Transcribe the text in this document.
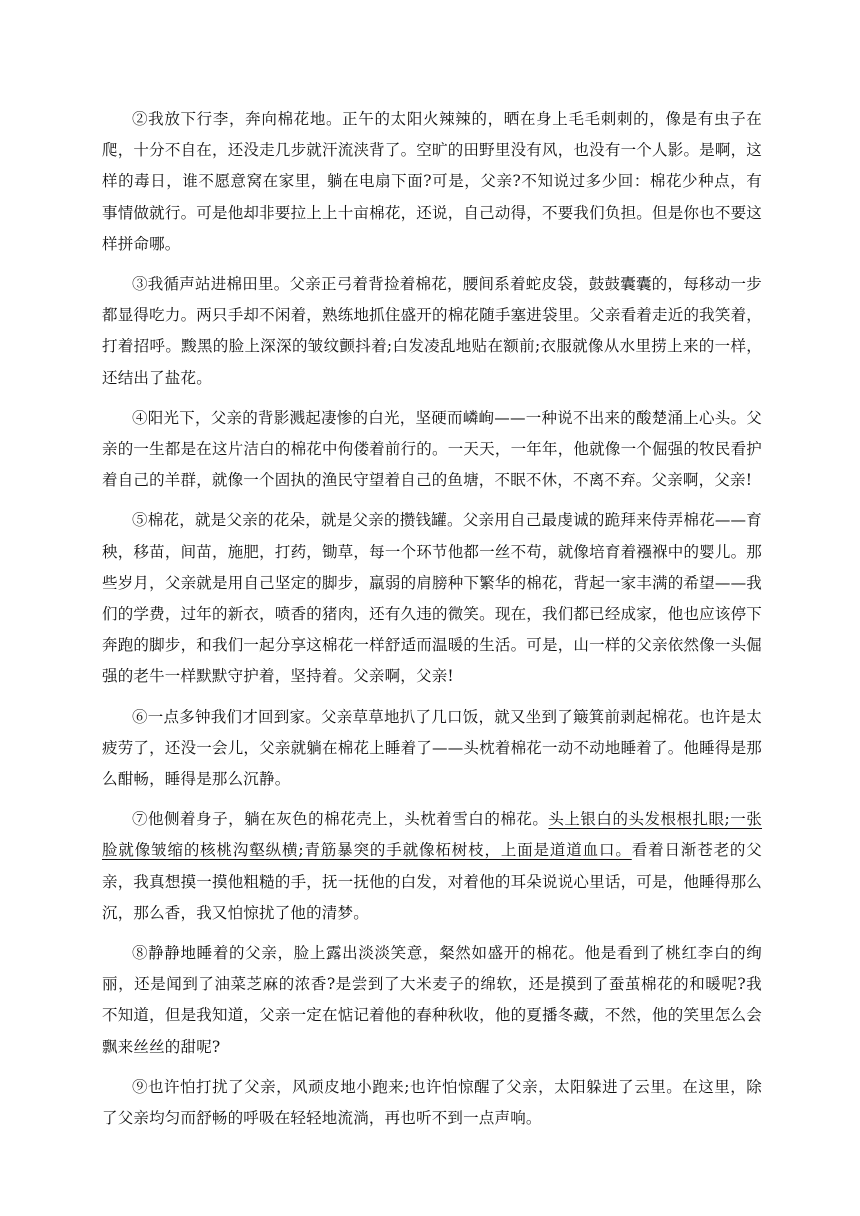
②我放下行李，奔向棉花地。正午的太阳火辣辣的，晒在身上毛毛刺刺的，像是有虫子在爬，十分不自在，还没走几步就汗流浃背了。空旷的田野里没有风，也没有一个人影。是啊，这样的毒日，谁不愿意窝在家里，躺在电扇下面?可是，父亲?不知说过多少回：棉花少种点，有事情做就行。可是他却非要拉上上十亩棉花，还说，自己动得，不要我们负担。但是你也不要这样拼命哪。

③我循声站进棉田里。父亲正弓着背捡着棉花，腰间系着蛇皮袋，鼓鼓囊囊的，每移动一步都显得吃力。两只手却不闲着，熟练地抓住盛开的棉花随手塞进袋里。父亲看着走近的我笑着，打着招呼。黢黑的脸上深深的皱纹颤抖着;白发凌乱地贴在额前;衣服就像从水里捞上来的一样，还结出了盐花。

④阳光下，父亲的背影溅起凄惨的白光，坚硬而嶙峋——一种说不出来的酸楚涌上心头。父亲的一生都是在这片洁白的棉花中佝偻着前行的。一天天，一年年，他就像一个倔强的牧民看护着自己的羊群，就像一个固执的渔民守望着自己的鱼塘，不眠不休，不离不弃。父亲啊，父亲!

⑤棉花，就是父亲的花朵，就是父亲的攒钱罐。父亲用自己最虔诚的跪拜来侍弄棉花——育秧，移苗，间苗，施肥，打药，锄草，每一个环节他都一丝不苟，就像培育着襁褓中的婴儿。那些岁月，父亲就是用自己坚定的脚步，羸弱的肩膀种下繁华的棉花，背起一家丰满的希望——我们的学费，过年的新衣，喷香的猪肉，还有久违的微笑。现在，我们都已经成家，他也应该停下奔跑的脚步，和我们一起分享这棉花一样舒适而温暖的生活。可是，山一样的父亲依然像一头倔强的老牛一样默默守护着，坚持着。父亲啊，父亲!

⑥一点多钟我们才回到家。父亲草草地扒了几口饭，就又坐到了簸箕前剥起棉花。也许是太疲劳了，还没一会儿，父亲就躺在棉花上睡着了——头枕着棉花一动不动地睡着了。他睡得是那么酣畅，睡得是那么沉静。

⑦他侧着身子，躺在灰色的棉花壳上，头枕着雪白的棉花。头上银白的头发根根扎眼;一张脸就像皱缩的核桃沟壑纵横;青筋暴突的手就像柘树枝，上面是道道血口。看着日渐苍老的父亲，我真想摸一摸他粗糙的手，抚一抚他的白发，对着他的耳朵说说心里话，可是，他睡得那么沉，那么香，我又怕惊扰了他的清梦。

⑧静静地睡着的父亲，脸上露出淡淡笑意，粲然如盛开的棉花。他是看到了桃红李白的绚丽，还是闻到了油菜芝麻的浓香?是尝到了大米麦子的绵软，还是摸到了蚕茧棉花的和暖呢?我不知道，但是我知道，父亲一定在惦记着他的春种秋收，他的夏播冬藏，不然，他的笑里怎么会飘来丝丝的甜呢?

⑨也许怕打扰了父亲，风顽皮地小跑来;也许怕惊醒了父亲，太阳躲进了云里。在这里，除了父亲均匀而舒畅的呼吸在轻轻地流淌，再也听不到一点声响。
